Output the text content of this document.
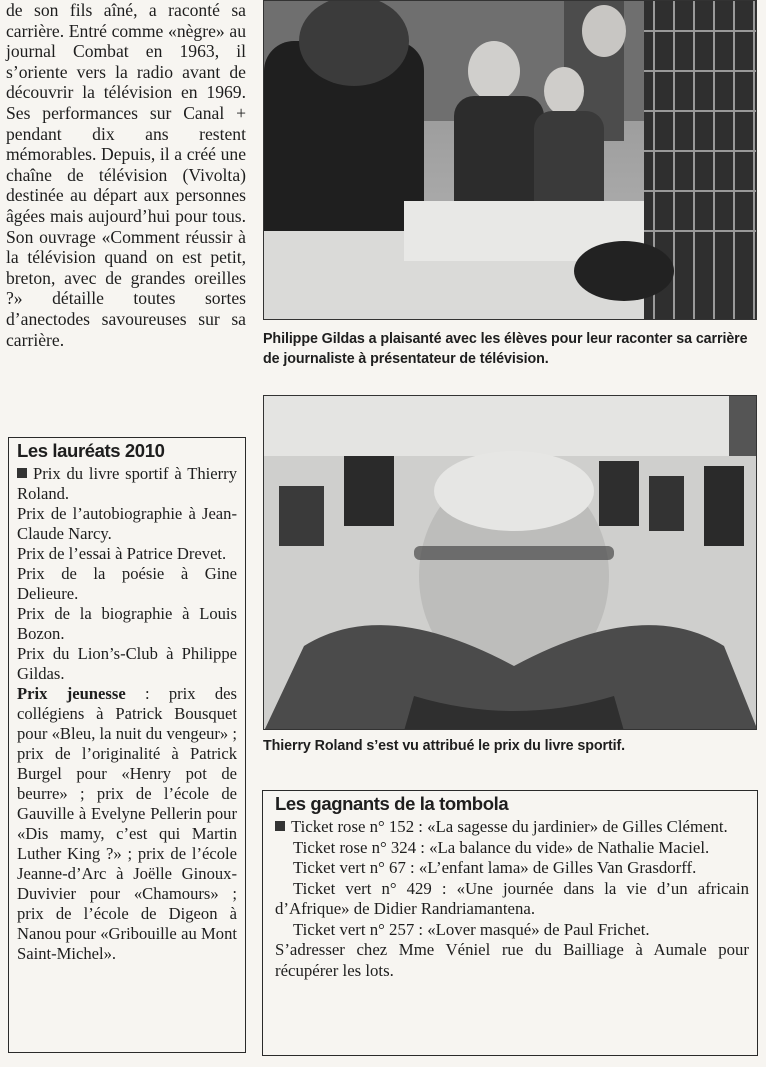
de son fils aîné, a raconté sa carrière. Entré comme «nègre» au journal Combat en 1963, il s’oriente vers la radio avant de découvrir la télévision en 1969. Ses performances sur Canal + pendant dix ans restent mémorables. Depuis, il a créé une chaîne de télévision (Vivolta) destinée au départ aux personnes âgées mais aujourd’hui pour tous. Son ouvrage «Comment réussir à la télévision quand on est petit, breton, avec de grandes oreilles ?» détaille toutes sortes d’anectodes savoureuses sur sa carrière.	Philippe Gildas a plaisanté avec les élèves pour leur raconter sa carrière de journaliste à présentateur de télévision.
Les lauréats 2010

Prix du livre sportif à Thierry Roland.

Prix de l’autobiographie à Jean-Claude Narcy.

Prix de l’essai à Patrice Drevet.

Prix de la poésie à Gine Delieure.

Prix de la biographie à Louis Bozon.

Prix du Lion’s-Club à Philippe Gildas.

Prix jeunesse : prix des collégiens à Patrick Bousquet pour «Bleu, la nuit du vengeur» ; prix de l’originalité à Patrick Burgel pour «Henry pot de beurre» ; prix de l’école de Gauville à Evelyne Pellerin pour «Dis mamy, c’est qui Martin Luther King ?» ; prix de l’école Jeanne-d’Arc à Joëlle Ginoux-Duvivier pour «Chamours» ; prix de l’école de Digeon à Nanou pour «Gribouille au Mont Saint-Michel».

Thierry Roland s’est vu attribué le prix du livre sportif.
Les gagnants de la tombola

Ticket rose n° 152 : «La sagesse du jardinier» de Gilles Clément.

Ticket rose n° 324 : «La balance du vide» de Nathalie Maciel.

Ticket vert n° 67 : «L’enfant lama» de Gilles Van Grasdorff.

Ticket vert n° 429 : «Une journée dans la vie d’un africain d’Afrique» de Didier Randriamantena.

Ticket vert n° 257 : «Lover masqué» de Paul Frichet.

S’adresser chez Mme Véniel rue du Bailliage à Aumale pour récupérer les lots.
